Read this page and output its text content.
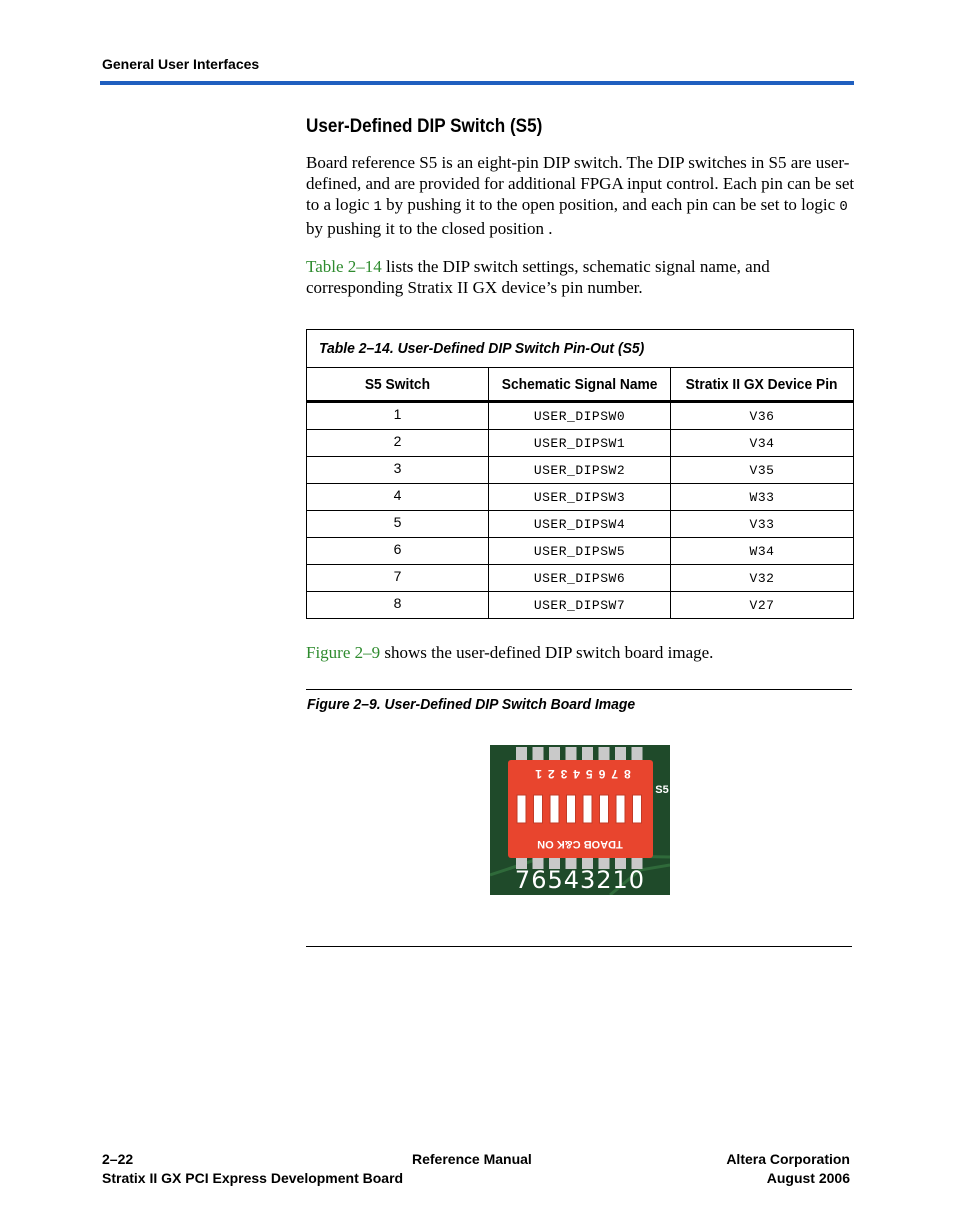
General User Interfaces
User-Defined DIP Switch (S5)
Board reference S5 is an eight-pin DIP switch. The DIP switches in S5 are user-defined, and are provided for additional FPGA input control. Each pin can be set to a logic 1 by pushing it to the open position, and each pin can be set to logic 0 by pushing it to the closed position .
Table 2–14 lists the DIP switch settings, schematic signal name, and corresponding Stratix II GX device’s pin number.
Table 2–14. User-Defined DIP Switch Pin-Out (S5)		
S5 Switch	Schematic Signal Name	Stratix II GX Device Pin
1	USER_DIPSW0	V36
2	USER_DIPSW1	V34
3	USER_DIPSW2	V35
4	USER_DIPSW3	W33
5	USER_DIPSW4	V33
6	USER_DIPSW5	W34
7	USER_DIPSW6	V32
8	USER_DIPSW7	V27
Figure 2–9 shows the user-defined DIP switch board image.
Figure 2–9. User-Defined DIP Switch Board Image
87654321
TDAOB C&K ON
S5
76543210
2–22
Stratix II GX PCI Express Development Board
Reference Manual	Altera Corporation
August 2006
